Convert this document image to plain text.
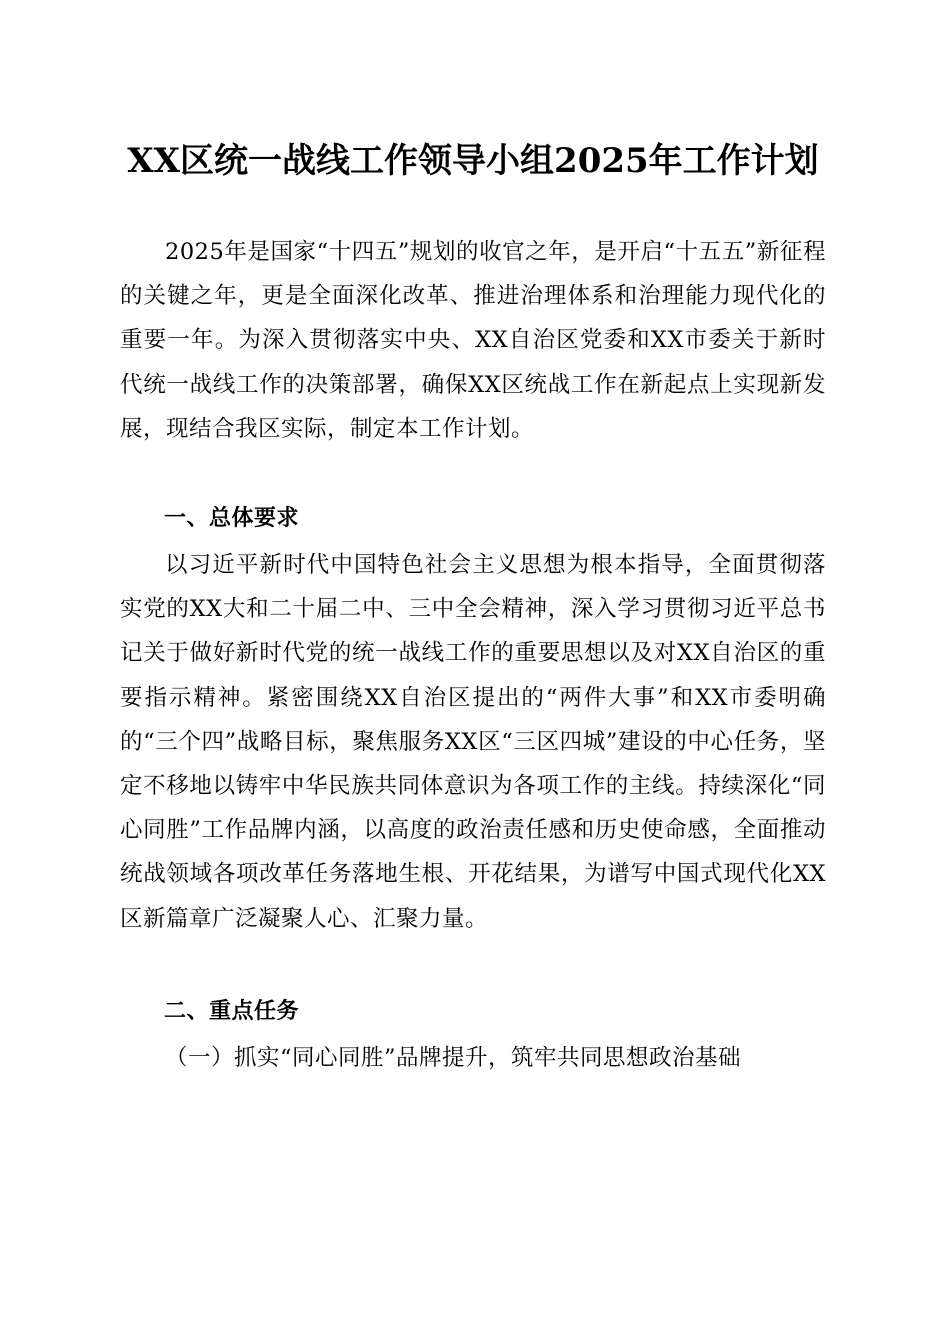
XX区统一战线工作领导小组2025年工作计划

2025年是国家“十四五”规划的收官之年，是开启“十五五”新征程的关键之年，更是全面深化改革、推进治理体系和治理能力现代化的重要一年。为深入贯彻落实中央、XX自治区党委和XX市委关于新时代统一战线工作的决策部署，确保XX区统战工作在新起点上实现新发展，现结合我区实际，制定本工作计划。

一、总体要求

以习近平新时代中国特色社会主义思想为根本指导，全面贯彻落实党的XX大和二十届二中、三中全会精神，深入学习贯彻习近平总书记关于做好新时代党的统一战线工作的重要思想以及对XX自治区的重要指示精神。紧密围绕XX自治区提出的“两件大事”和XX市委明确的“三个四”战略目标，聚焦服务XX区“三区四城”建设的中心任务，坚定不移地以铸牢中华民族共同体意识为各项工作的主线。持续深化“同心同胜”工作品牌内涵，以高度的政治责任感和历史使命感，全面推动统战领域各项改革任务落地生根、开花结果，为谱写中国式现代化XX区新篇章广泛凝聚人心、汇聚力量。

二、重点任务

（一）抓实“同心同胜”品牌提升，筑牢共同思想政治基础
